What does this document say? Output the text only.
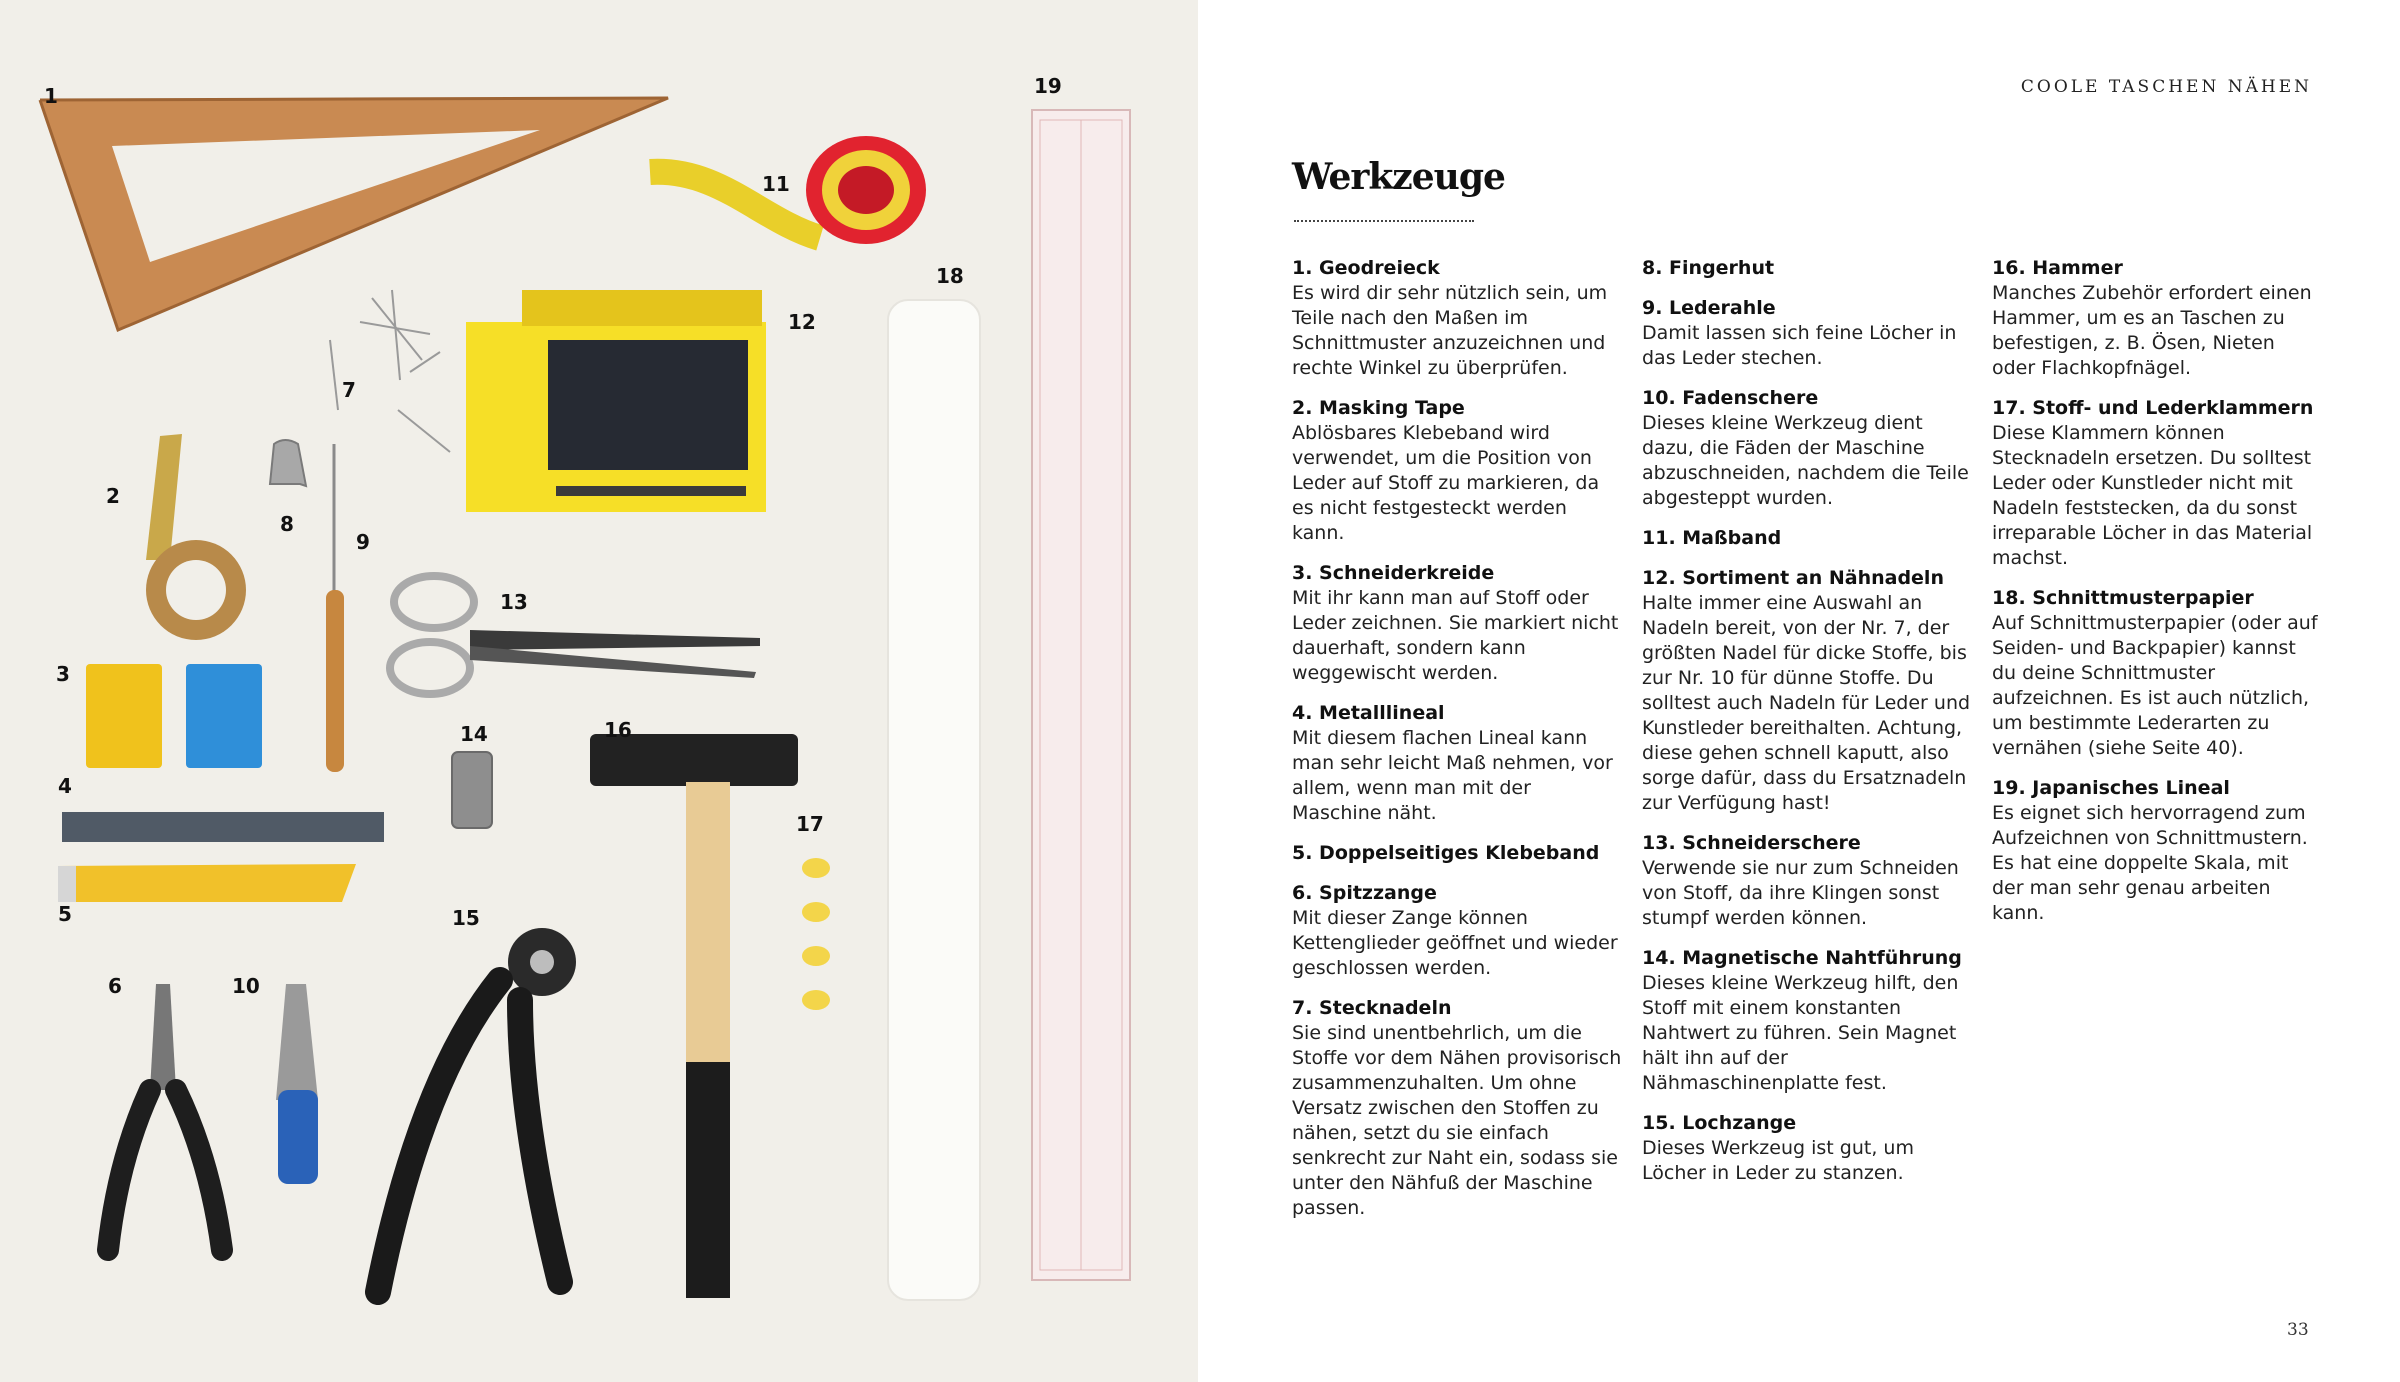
1
2
3
4
5
6
7
8
9
10
11
12
13
14
15
16
17
18
19	COOLE TASCHEN NÄHEN
Werkzeuge
1. Geodreieck

Es wird dir sehr nützlich sein, um Teile nach den Maßen im Schnittmuster anzuzeichnen und rechte Winkel zu überprüfen.

2. Masking Tape

Ablösbares Klebeband wird verwendet, um die Position von Leder auf Stoff zu markieren, da es nicht festgesteckt werden kann.

3. Schneiderkreide

Mit ihr kann man auf Stoff oder Leder zeichnen. Sie markiert nicht dauerhaft, sondern kann weggewischt werden.

4. Metalllineal

Mit diesem flachen Lineal kann man sehr leicht Maß nehmen, vor allem, wenn man mit der Maschine näht.

5. Doppelseitiges Klebeband
6. Spitzzange

Mit dieser Zange können Kettenglieder geöffnet und wieder geschlossen werden.

7. Stecknadeln

Sie sind unentbehrlich, um die Stoffe vor dem Nähen provisorisch zusammenzuhalten. Um ohne Versatz zwischen den Stoffen zu nähen, setzt du sie einfach senkrecht zur Naht ein, sodass sie unter den Nähfuß der Maschine passen.

8. Fingerhut
9. Lederahle

Damit lassen sich feine Löcher in das Leder stechen.

10. Fadenschere

Dieses kleine Werkzeug dient dazu, die Fäden der Maschine abzuschneiden, nachdem die Teile abgesteppt wurden.

11. Maßband
12. Sortiment an Nähnadeln

Halte immer eine Auswahl an Nadeln bereit, von der Nr. 7, der größten Nadel für dicke Stoffe, bis zur Nr. 10 für dünne Stoffe. Du solltest auch Nadeln für Leder und Kunstleder bereithalten. Achtung, diese gehen schnell kaputt, also sorge dafür, dass du Ersatznadeln zur Verfügung hast!

13. Schneiderschere

Verwende sie nur zum Schneiden von Stoff, da ihre Klingen sonst stumpf werden können.

14. Magnetische Nahtführung

Dieses kleine Werkzeug hilft, den Stoff mit einem konstanten Nahtwert zu führen. Sein Magnet hält ihn auf der Nähmaschinenplatte fest.

15. Lochzange

Dieses Werkzeug ist gut, um Löcher in Leder zu stanzen.

16. Hammer

Manches Zubehör erfordert einen Hammer, um es an Taschen zu befestigen, z. B. Ösen, Nieten oder Flachkopfnägel.

17. Stoff- und Lederklammern

Diese Klammern können Stecknadeln ersetzen. Du solltest Leder oder Kunstleder nicht mit Nadeln feststecken, da du sonst irreparable Löcher in das Material machst.

18. Schnittmusterpapier

Auf Schnittmusterpapier (oder auf Seiden- und Backpapier) kannst du deine Schnittmuster aufzeichnen. Es ist auch nützlich, um bestimmte Lederarten zu vernähen (siehe Seite 40).

19. Japanisches Lineal

Es eignet sich hervorragend zum Aufzeichnen von Schnittmustern. Es hat eine doppelte Skala, mit der man sehr genau arbeiten kann.

33
